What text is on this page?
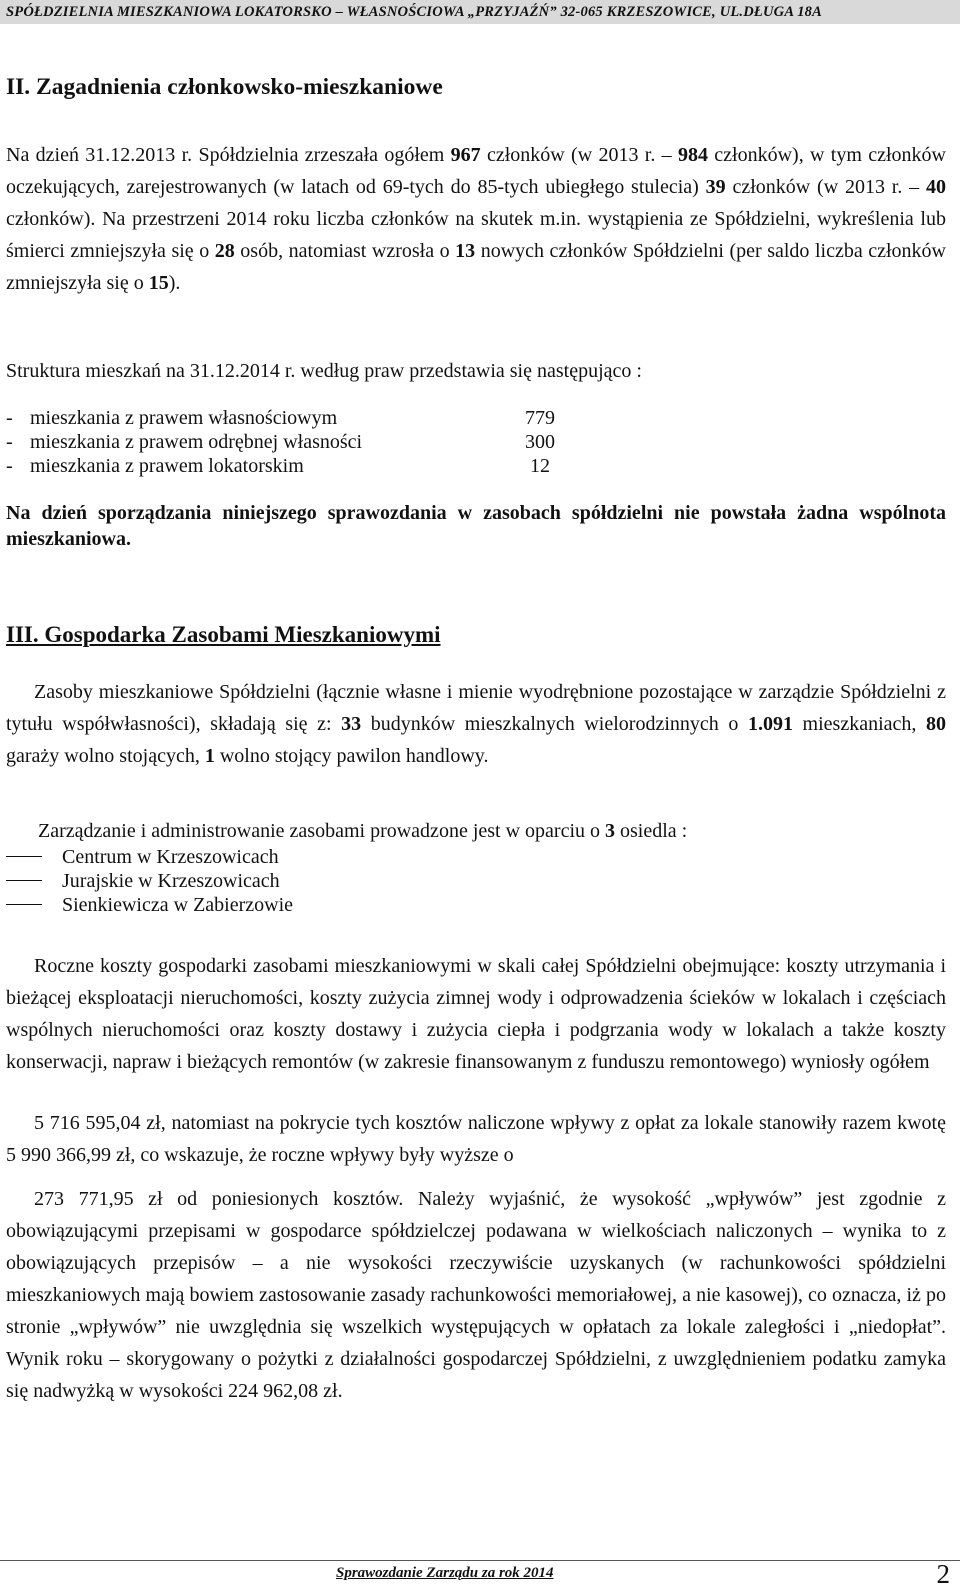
SPÓŁDZIELNIA MIESZKANIOWA LOKATORSKO – WŁASNOŚCIOWA „PRZYJAŹŃ” 32-065 KRZESZOWICE, UL.DŁUGA 18A
II. Zagadnienia członkowsko-mieszkaniowe
Na dzień 31.12.2013 r. Spółdzielnia zrzeszała ogółem 967 członków (w 2013 r. – 984 członków), w tym członków oczekujących, zarejestrowanych (w latach od 69-tych do 85-tych ubiegłego stulecia) 39 członków (w 2013 r. – 40 członków). Na przestrzeni 2014 roku liczba członków na skutek m.in. wystąpienia ze Spółdzielni, wykreślenia lub śmierci zmniejszyła się o 28 osób, natomiast wzrosła o 13 nowych członków Spółdzielni (per saldo liczba członków zmniejszyła się o 15).
Struktura mieszkań na 31.12.2014 r. według praw przedstawia się następująco :
- mieszkania z prawem własnościowym	779
- mieszkania z prawem odrębnej własności	300
- mieszkania z prawem lokatorskim	12
Na dzień sporządzania niniejszego sprawozdania w zasobach spółdzielni nie powstała żadna wspólnota mieszkaniowa.
III. Gospodarka Zasobami Mieszkaniowymi
Zasoby mieszkaniowe Spółdzielni (łącznie własne i mienie wyodrębnione pozostające w zarządzie Spółdzielni z tytułu współwłasności), składają się z: 33 budynków mieszkalnych wielorodzinnych o 1.091 mieszkaniach, 80 garaży wolno stojących, 1 wolno stojący pawilon handlowy.
Zarządzanie i administrowanie zasobami prowadzone jest w oparciu o 3 osiedla :
Centrum w Krzeszowicach
Jurajskie w Krzeszowicach
Sienkiewicza w Zabierzowie
Roczne koszty gospodarki zasobami mieszkaniowymi w skali całej Spółdzielni obejmujące: koszty utrzymania i bieżącej eksploatacji nieruchomości, koszty zużycia zimnej wody i odprowadzenia ścieków w lokalach i częściach wspólnych nieruchomości oraz koszty dostawy i zużycia ciepła i podgrzania wody w lokalach a także koszty konserwacji, napraw i bieżących remontów (w zakresie finansowanym z funduszu remontowego) wyniosły ogółem
5 716 595,04 zł, natomiast na pokrycie tych kosztów naliczone wpływy z opłat za lokale stanowiły razem kwotę 5 990 366,99 zł, co wskazuje, że roczne wpływy były wyższe o
273 771,95 zł od poniesionych kosztów. Należy wyjaśnić, że wysokość „wpływów” jest zgodnie z obowiązującymi przepisami w gospodarce spółdzielczej podawana w wielkościach naliczonych – wynika to z obowiązujących przepisów – a nie wysokości rzeczywiście uzyskanych (w rachunkowości spółdzielni mieszkaniowych mają bowiem zastosowanie zasady rachunkowości memoriałowej, a nie kasowej), co oznacza, iż po stronie „wpływów” nie uwzględnia się wszelkich występujących w opłatach za lokale zaległości i „niedopłat”. Wynik roku – skorygowany o pożytki z działalności gospodarczej Spółdzielni, z uwzględnieniem podatku zamyka się nadwyżką w wysokości 224 962,08 zł.
Sprawozdanie Zarządu za rok 2014	2
